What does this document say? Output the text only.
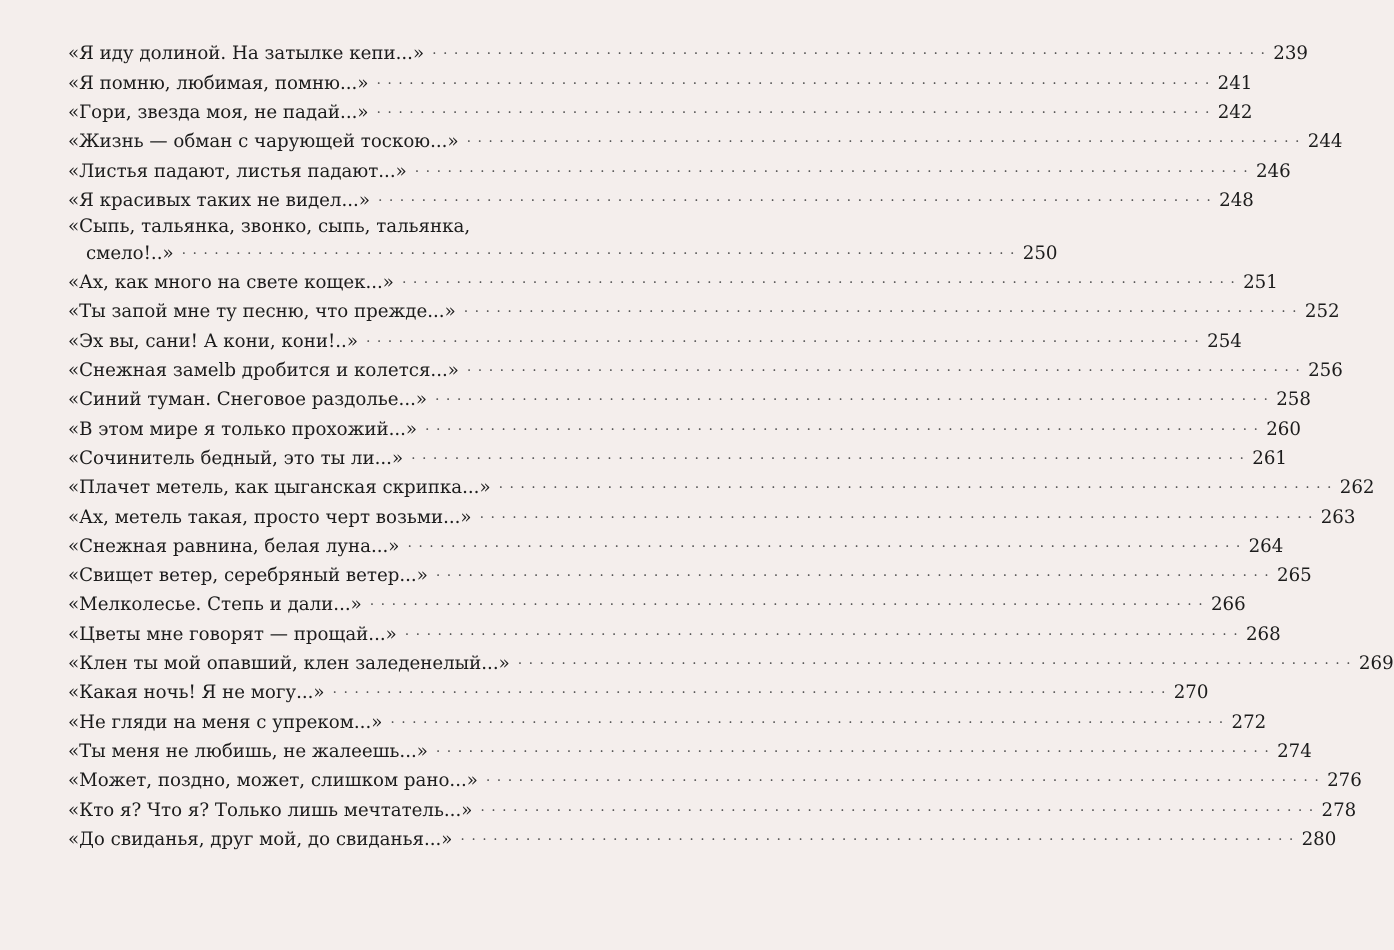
«Я иду долиной. На затылке кепи...» . . .	239
«Я помню, любимая, помню...» . . .	241
«Гори, звезда моя, не падай...» . . .	242
«Жизнь — обман с чарующей тоскою...» . . .	244
«Листья падают, листья падают...» . . .	246
«Я красивых таких не видел...» . . .	248
«Сыпь, тальянка, звонко, сыпь, тальянка,
смело!..» . . .	250
«Ах, как много на свете кощек...» . . .	251
«Ты запой мне ту песню, что прежде...» . . .	252
«Эх вы, сани! А кони, кони!..» . . .	254
«Снежная замеlb дробится и колется...» . . .	256
«Синий туман. Снеговое раздолье...» . . .	258
«В этом мире я только прохожий...» . . .	260
«Сочинитель бедный, это ты ли...» . . .	261
«Плачет метель, как цыганская скрипка...» . . .	262
«Ах, метель такая, просто черт возьми...» . . .	263
«Снежная равнина, белая луна...» . . .	264
«Свищет ветер, серебряный ветер...» . . .	265
«Мелколесье. Степь и дали...» . . .	266
«Цветы мне говорят — прощай...» . . .	268
«Клен ты мой опавший, клен заледенелый...» . . .	269
«Какая ночь! Я не могу...» . . .	270
«Не гляди на меня с упреком...» . . .	272
«Ты меня не любишь, не жалеешь...» . . .	274
«Может, поздно, может, слишком рано...» . . .	276
«Кто я? Что я? Только лишь мечтатель...» . . .	278
«До свиданья, друг мой, до свиданья...» . . .	280
